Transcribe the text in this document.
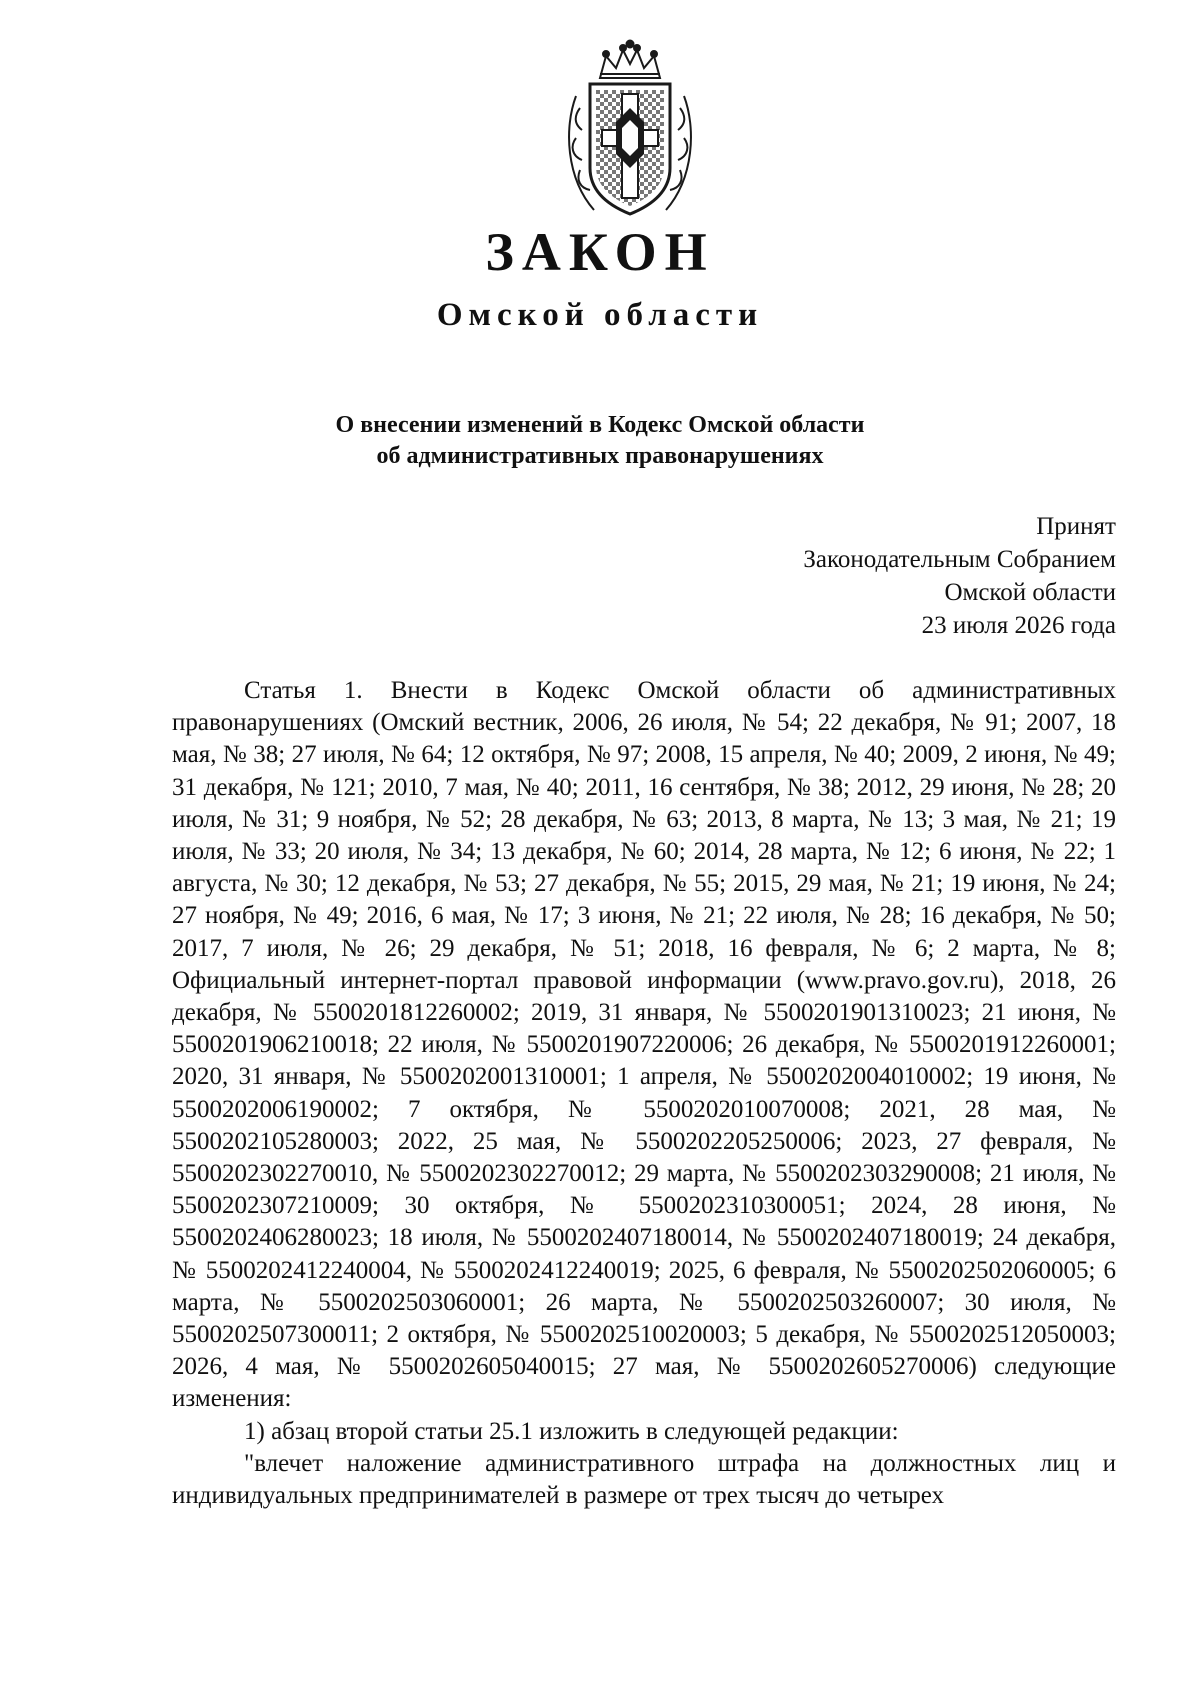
ЗАКОН
Омской области
О внесении изменений в Кодекс Омской области
об административных правонарушениях
Принят
Законодательным Собранием
Омской области
23 июля 2026 года

Статья 1. Внести в Кодекс Омской области об административных правонарушениях (Омский вестник, 2006, 26 июля, № 54; 22 декабря, № 91; 2007, 18 мая, № 38; 27 июля, № 64; 12 октября, № 97; 2008, 15 апреля, № 40; 2009, 2 июня, № 49; 31 декабря, № 121; 2010, 7 мая, № 40; 2011, 16 сентября, № 38; 2012, 29 июня, № 28; 20 июля, № 31; 9 ноября, № 52; 28 декабря, № 63; 2013, 8 марта, № 13; 3 мая, № 21; 19 июля, № 33; 20 июля, № 34; 13 декабря, № 60; 2014, 28 марта, № 12; 6 июня, № 22; 1 августа, № 30; 12 декабря, № 53; 27 декабря, № 55; 2015, 29 мая, № 21; 19 июня, № 24; 27 ноября, № 49; 2016, 6 мая, № 17; 3 июня, № 21; 22 июля, № 28; 16 декабря, № 50; 2017, 7 июля, № 26; 29 декабря, № 51; 2018, 16 февраля, № 6; 2 марта, № 8; Официальный интернет-портал правовой информации (www.pravo.gov.ru), 2018, 26 декабря, № 5500201812260002; 2019, 31 января, № 5500201901310023; 21 июня, № 5500201906210018; 22 июля, № 5500201907220006; 26 декабря, № 5500201912260001; 2020, 31 января, № 5500202001310001; 1 апреля, № 5500202004010002; 19 июня, № 5500202006190002; 7 октября, № 5500202010070008; 2021, 28 мая, № 5500202105280003; 2022, 25 мая, № 5500202205250006; 2023, 27 февраля, № 5500202302270010, № 5500202302270012; 29 марта, № 5500202303290008; 21 июля, № 5500202307210009; 30 октября, № 5500202310300051; 2024, 28 июня, № 5500202406280023; 18 июля, № 5500202407180014, № 5500202407180019; 24 декабря, № 5500202412240004, № 5500202412240019; 2025, 6 февраля, № 5500202502060005; 6 марта, № 5500202503060001; 26 марта, № 5500202503260007; 30 июля, № 5500202507300011; 2 октября, № 5500202510020003; 5 декабря, № 5500202512050003; 2026, 4 мая, № 5500202605040015; 27 мая, № 5500202605270006) следующие изменения:

1) абзац второй статьи 25.1 изложить в следующей редакции:

"влечет наложение административного штрафа на должностных лиц и индивидуальных предпринимателей в размере от трех тысяч до четырех
